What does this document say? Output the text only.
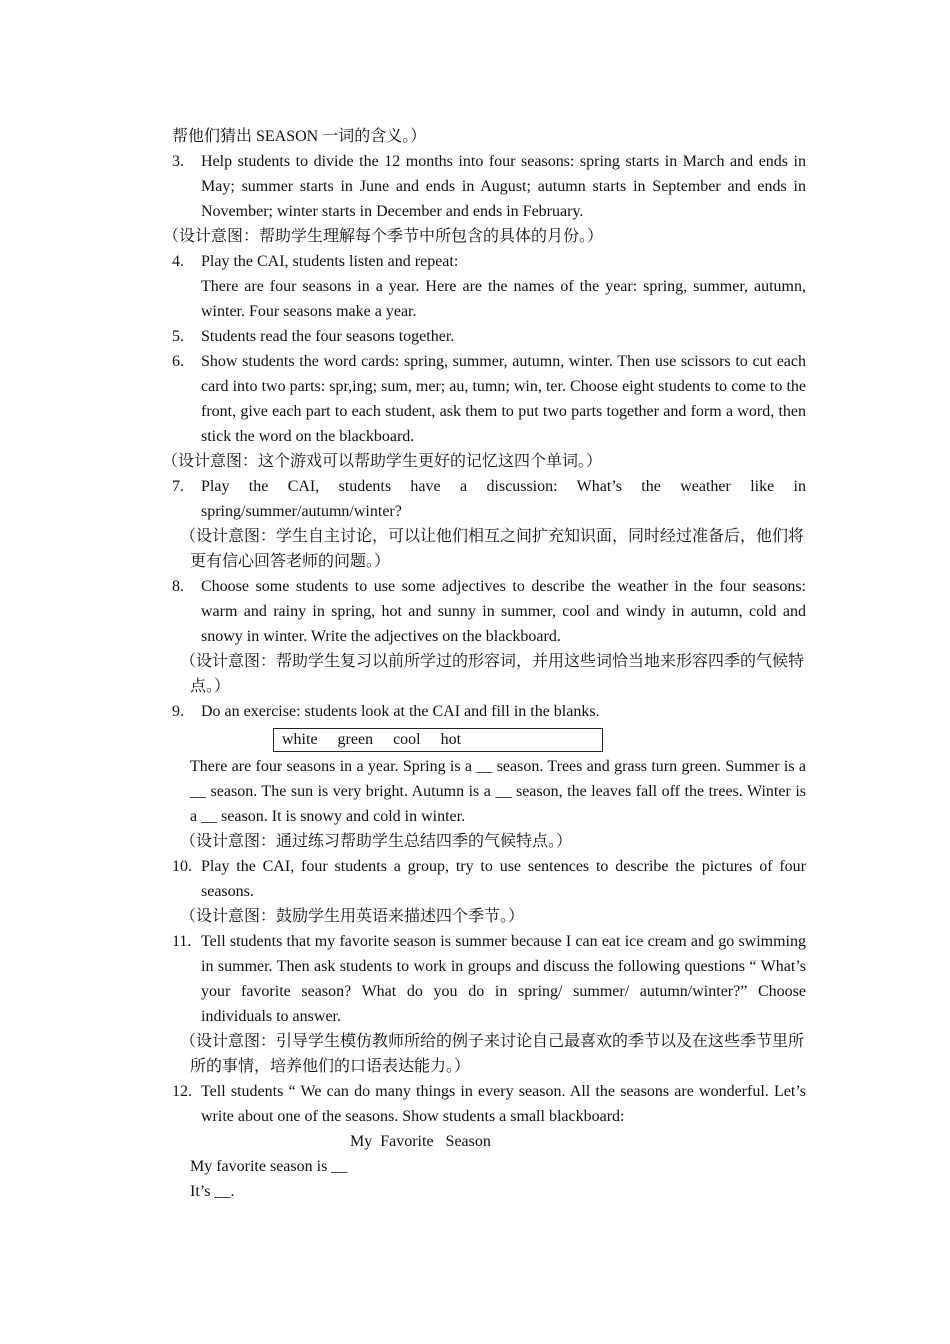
帮他们猜出 SEASON 一词的含义。）
3. Help students to divide the 12 months into four seasons: spring starts in March and ends in May; summer starts in June and ends in August; autumn starts in September and ends in November; winter starts in December and ends in February.
（设计意图：帮助学生理解每个季节中所包含的具体的月份。）
4. Play the CAI, students listen and repeat:
There are four seasons in a year. Here are the names of the year: spring, summer, autumn, winter. Four seasons make a year.
5. Students read the four seasons together.
6. Show students the word cards: spring, summer, autumn, winter. Then use scissors to cut each card into two parts: spr,ing; sum, mer; au, tumn; win, ter. Choose eight students to come to the front, give each part to each student, ask them to put two parts together and form a word, then stick the word on the blackboard.
（设计意图：这个游戏可以帮助学生更好的记忆这四个单词。）
7. Play the CAI, students have a discussion: What’s the weather like in spring/summer/autumn/winter?
（设计意图：学生自主讨论，可以让他们相互之间扩充知识面，同时经过准备后，他们将更有信心回答老师的问题。）
8. Choose some students to use some adjectives to describe the weather in the four seasons: warm and rainy in spring, hot and sunny in summer, cool and windy in autumn, cold and snowy in winter. Write the adjectives on the blackboard.
（设计意图：帮助学生复习以前所学过的形容词，并用这些词恰当地来形容四季的气候特点。）
9. Do an exercise: students look at the CAI and fill in the blanks.
white green cool hot
There are four seasons in a year. Spring is a __ season. Trees and grass turn green. Summer is a __ season. The sun is very bright. Autumn is a __ season, the leaves fall off the trees. Winter is a __ season. It is snowy and cold in winter.
（设计意图：通过练习帮助学生总结四季的气候特点。）
10. Play the CAI, four students a group, try to use sentences to describe the pictures of four seasons.
（设计意图：鼓励学生用英语来描述四个季节。）
11. Tell students that my favorite season is summer because I can eat ice cream and go swimming in summer. Then ask students to work in groups and discuss the following questions “ What’s your favorite season? What do you do in spring/ summer/ autumn/winter?” Choose individuals to answer.
（设计意图：引导学生模仿教师所给的例子来讨论自己最喜欢的季节以及在这些季节里所所的事情，培养他们的口语表达能力。）
12. Tell students “ We can do many things in every season. All the seasons are wonderful. Let’s write about one of the seasons. Show students a small blackboard:
My  Favorite   Season
My favorite season is __
It’s __.
